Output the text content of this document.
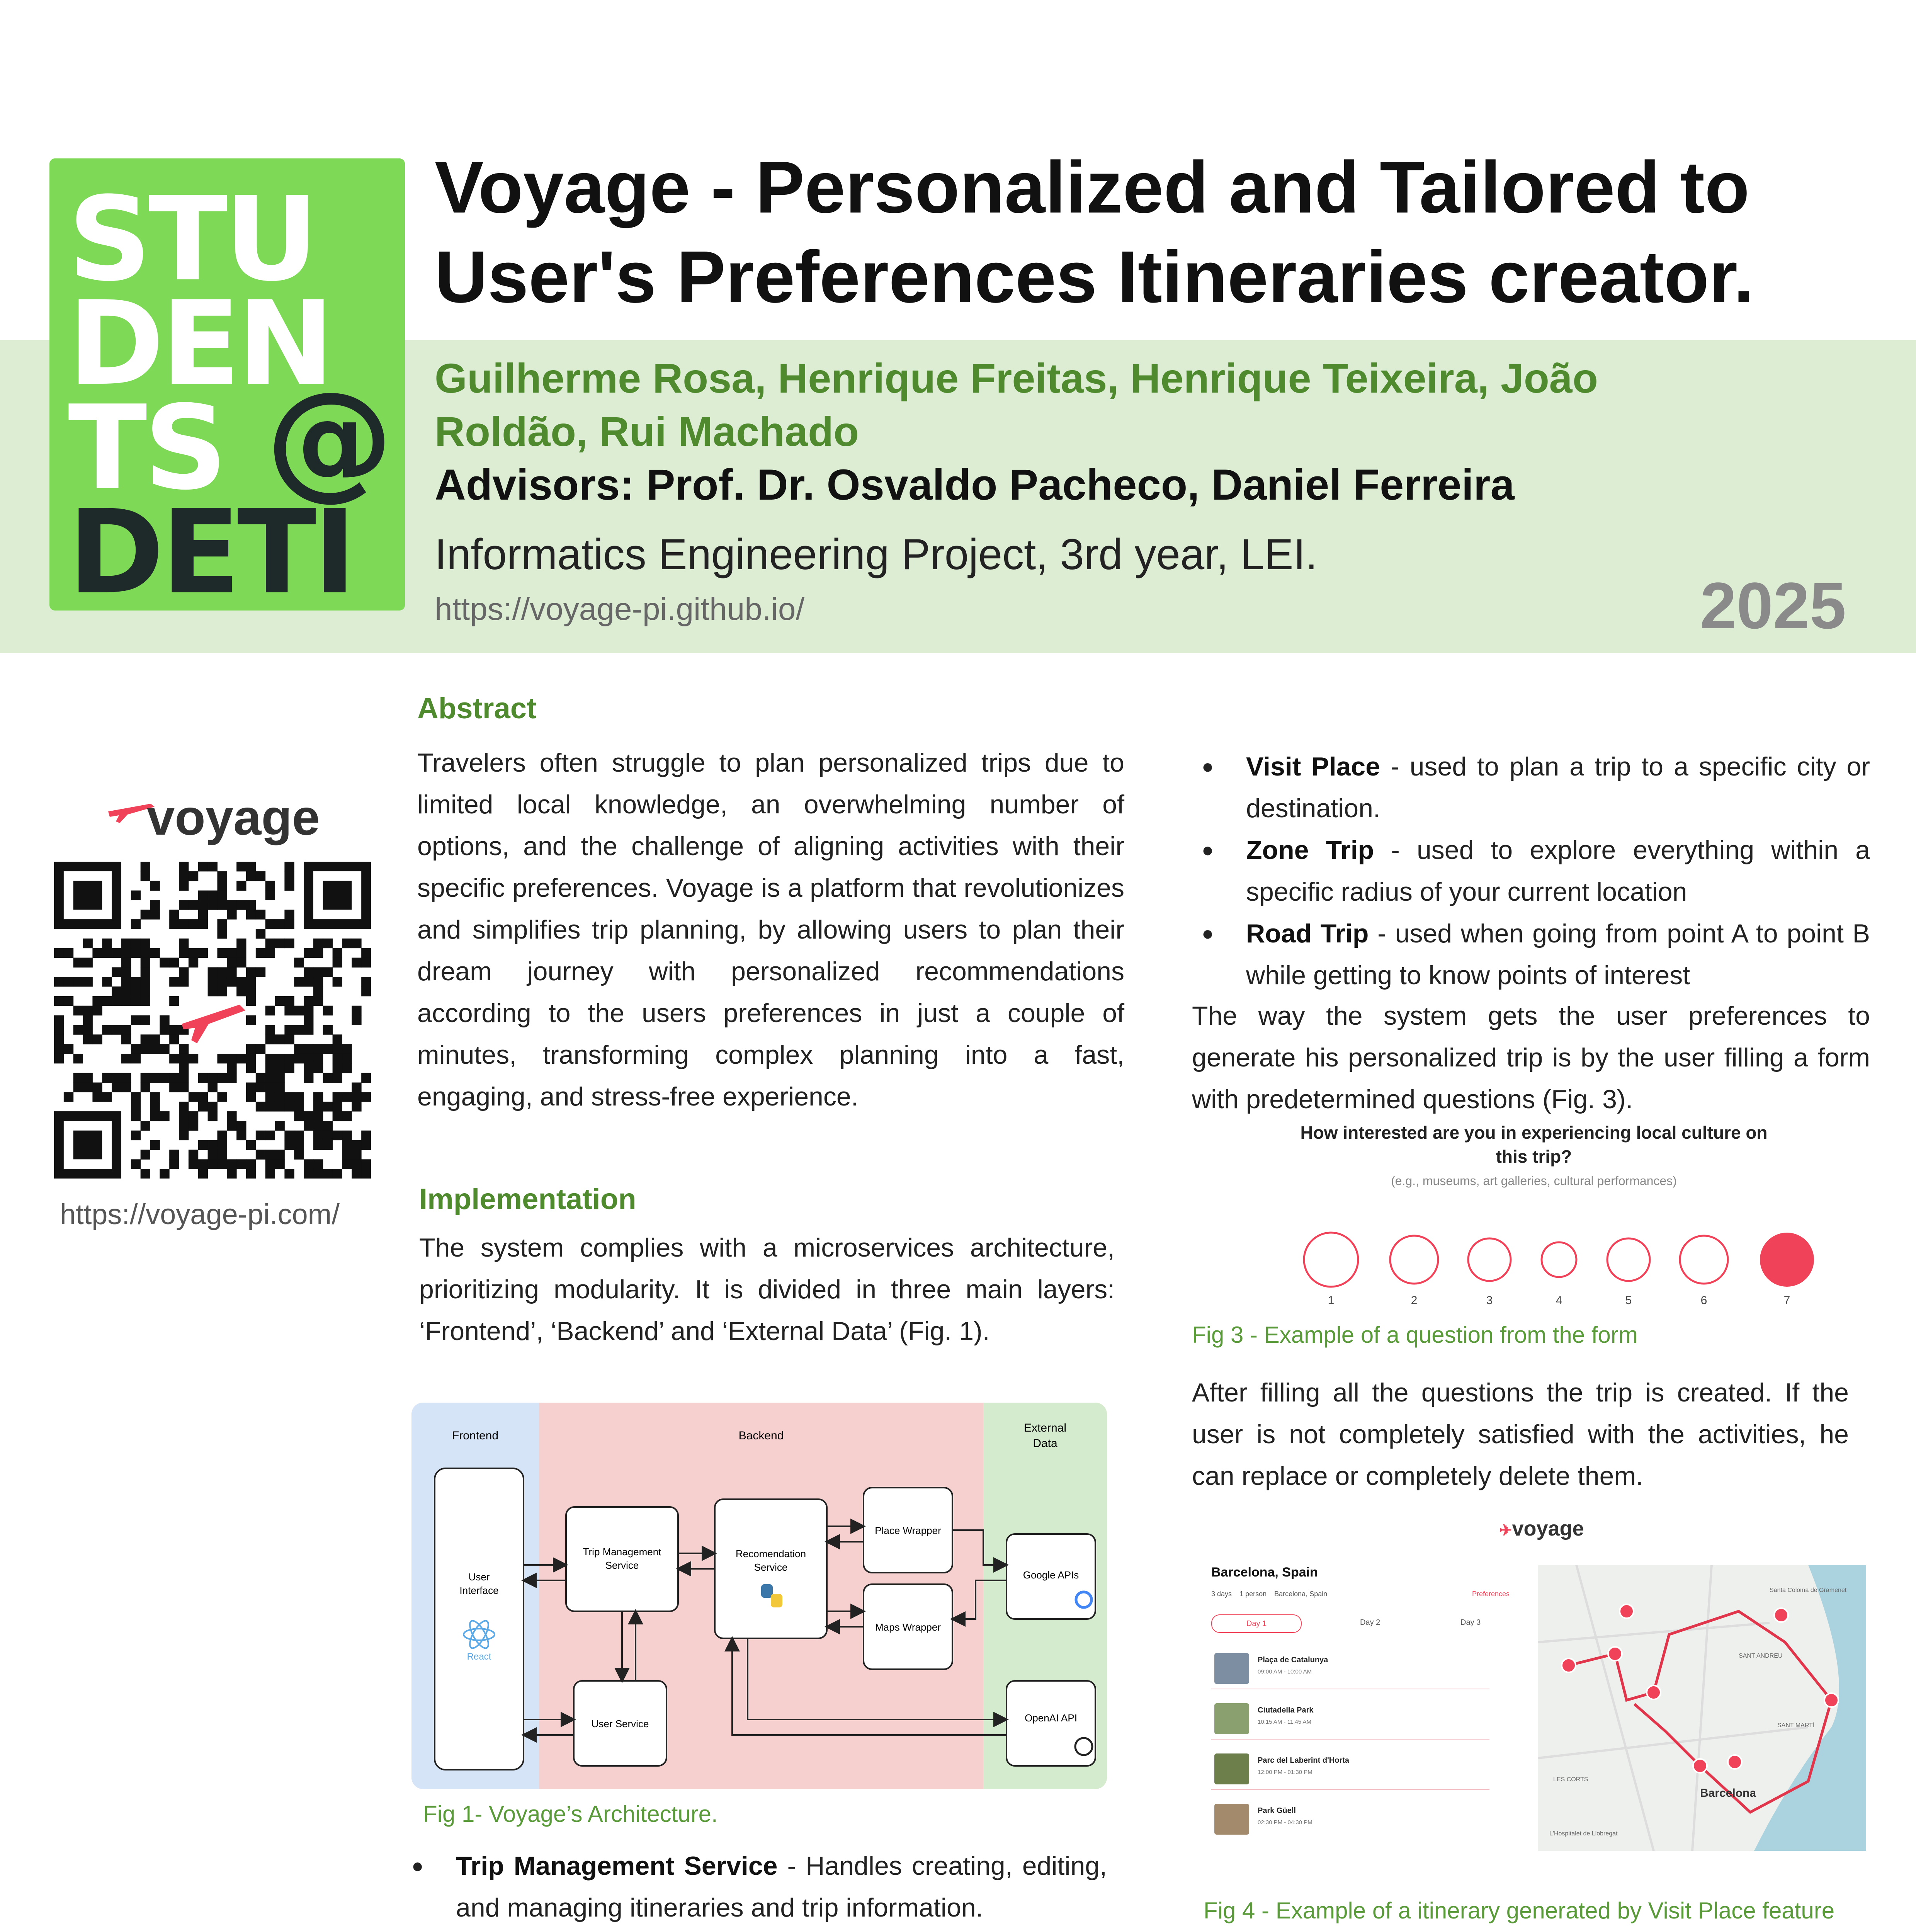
STU
DEN
TS @
DETI
Voyage - Personalized and Tailored to
User's Preferences Itineraries creator.
Guilherme Rosa, Henrique Freitas, Henrique Teixeira, João
Roldão, Rui Machado
Advisors: Prof. Dr. Osvaldo Pacheco, Daniel Ferreira
Informatics Engineering Project, 3rd year, LEI.
https://voyage-pi.github.io/	2025
voyage
https://voyage-pi.com/
Abstract
Travelers often struggle to plan personalized trips due to limited local knowledge, an overwhelming number of options, and the challenge of aligning activities with their specific preferences. Voyage is a platform that revolutionizes and simplifies trip planning, by allowing users to plan their dream journey with personalized recommendations according to the users preferences in just a couple of minutes, transforming complex planning into a fast, engaging, and stress-free experience.
Implementation
The system complies with a microservices architecture, prioritizing modularity. It is divided in three main layers: ‘Frontend’, ‘Backend’ and ‘External Data’ (Fig. 1).
Frontend	Backend
External
Data
User
Interface
React
Trip Management
Service
Recomendation
Service
Place Wrapper
Maps Wrapper
Google APIs
User Service	OpenAI API
Fig 1- Voyage’s Architecture.
● Trip Management Service - Handles creating, editing, and managing itineraries and trip information.
●
● Visit Place - used to plan a trip to a specific city or destination.
● Zone Trip - used to explore everything within a specific radius of your current location
● Road Trip - used when going from point A to point B while getting to know points of interest
The way the system gets the user preferences to generate his personalized trip is by the user filling a form with predetermined questions (Fig. 3).
How interested are you in experiencing local culture on
this trip?
(e.g., museums, art galleries, cultural performances)
1	2	3	4	5	6	7
Fig 3 - Example of a question from the form
After filling all the questions the trip is created. If the user is not completely satisfied with the activities, he can replace or completely delete them.
✈voyage
Barcelona, Spain
3 days 1 person Barcelona, Spain	Preferences
Day 1	Day 2	Day 3
Plaça de Catalunya
09:00 AM - 10:00 AM
Ciutadella Park
10:15 AM - 11:45 AM
Parc del Laberint d'Horta
12:00 PM - 01:30 PM
Park Güell
02:30 PM - 04:30 PM
Barcelona
Santa Coloma de Gramenet
SANT ANDREU
SANT MARTÍ
LES CORTS
L'Hospitalet de Llobregat
Fig 4 - Example of a itinerary generated by Visit Place feature
